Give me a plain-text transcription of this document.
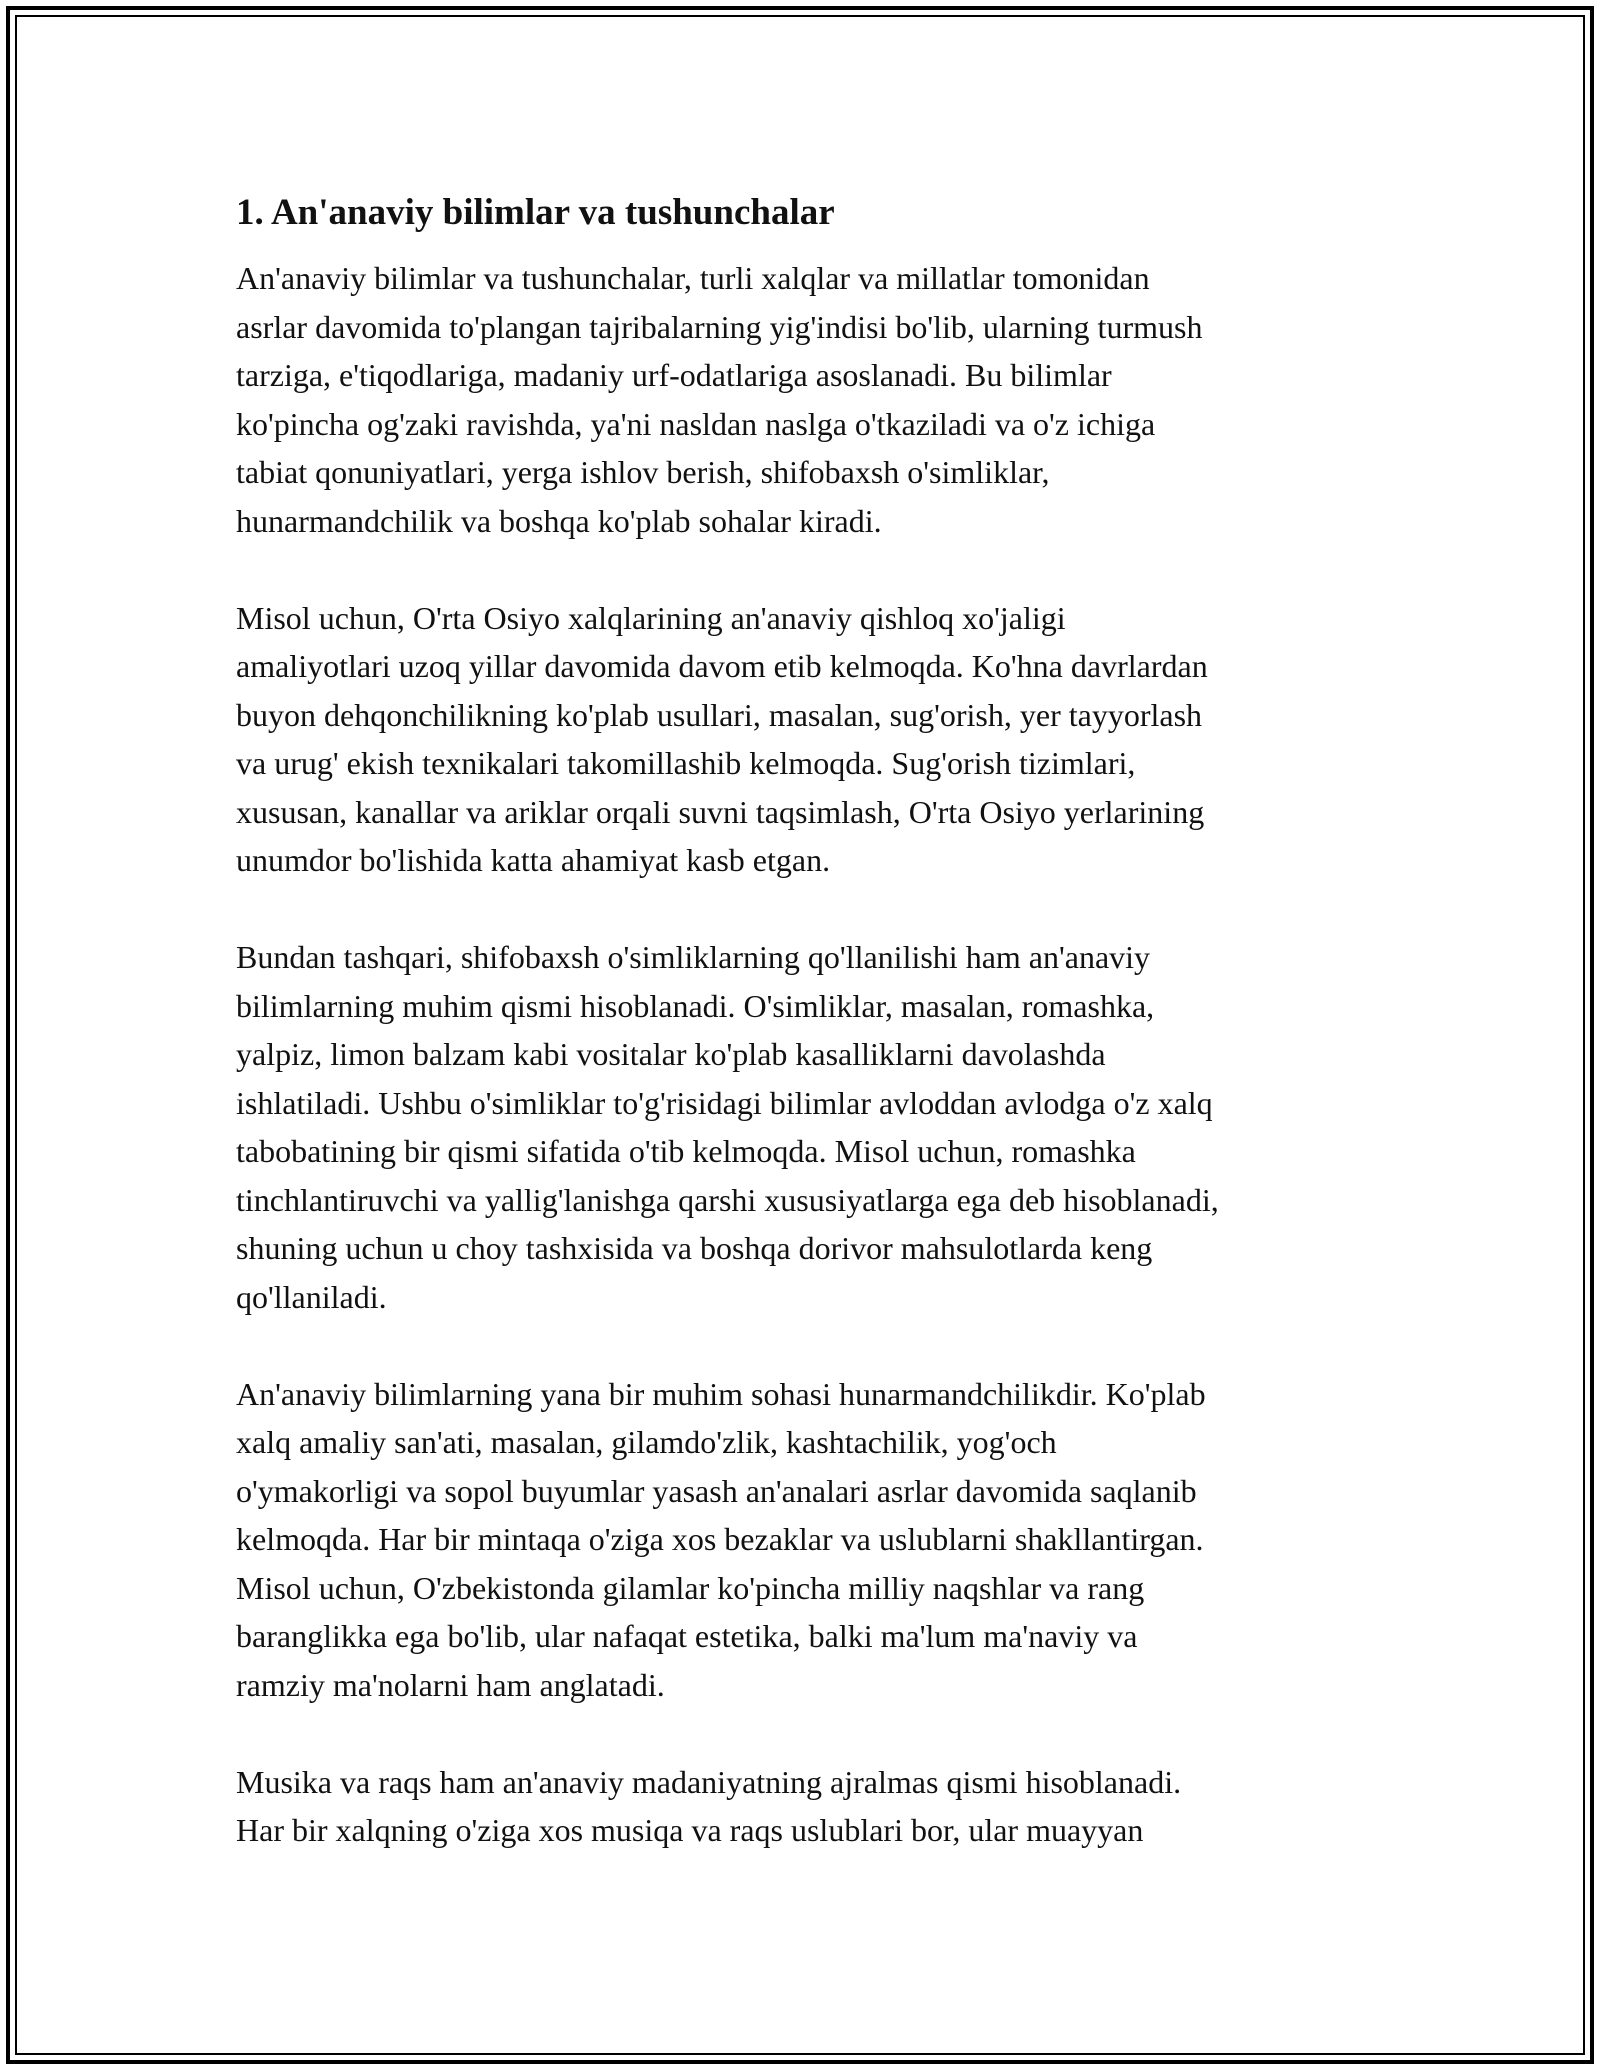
1. An'anaviy bilimlar va tushunchalar

An'anaviy bilimlar va tushunchalar, turli xalqlar va millatlar tomonidan
asrlar davomida to'plangan tajribalarning yig'indisi bo'lib, ularning turmush
tarziga, e'tiqodlariga, madaniy urf-odatlariga asoslanadi. Bu bilimlar
ko'pincha og'zaki ravishda, ya'ni nasldan naslga o'tkaziladi va o'z ichiga
tabiat qonuniyatlari, yerga ishlov berish, shifobaxsh o'simliklar,
hunarmandchilik va boshqa ko'plab sohalar kiradi.

Misol uchun, O'rta Osiyo xalqlarining an'anaviy qishloq xo'jaligi
amaliyotlari uzoq yillar davomida davom etib kelmoqda. Ko'hna davrlardan
buyon dehqonchilikning ko'plab usullari, masalan, sug'orish, yer tayyorlash
va urug' ekish texnikalari takomillashib kelmoqda. Sug'orish tizimlari,
xususan, kanallar va ariklar orqali suvni taqsimlash, O'rta Osiyo yerlarining
unumdor bo'lishida katta ahamiyat kasb etgan.

Bundan tashqari, shifobaxsh o'simliklarning qo'llanilishi ham an'anaviy
bilimlarning muhim qismi hisoblanadi. O'simliklar, masalan, romashka,
yalpiz, limon balzam kabi vositalar ko'plab kasalliklarni davolashda
ishlatiladi. Ushbu o'simliklar to'g'risidagi bilimlar avloddan avlodga o'z xalq
tabobatining bir qismi sifatida o'tib kelmoqda. Misol uchun, romashka
tinchlantiruvchi va yallig'lanishga qarshi xususiyatlarga ega deb hisoblanadi,
shuning uchun u choy tashxisida va boshqa dorivor mahsulotlarda keng
qo'llaniladi.

An'anaviy bilimlarning yana bir muhim sohasi hunarmandchilikdir. Ko'plab
xalq amaliy san'ati, masalan, gilamdo'zlik, kashtachilik, yog'och
o'ymakorligi va sopol buyumlar yasash an'analari asrlar davomida saqlanib
kelmoqda. Har bir mintaqa o'ziga xos bezaklar va uslublarni shakllantirgan.
Misol uchun, O'zbekistonda gilamlar ko'pincha milliy naqshlar va rang
baranglikka ega bo'lib, ular nafaqat estetika, balki ma'lum ma'naviy va
ramziy ma'nolarni ham anglatadi.

Musika va raqs ham an'anaviy madaniyatning ajralmas qismi hisoblanadi.
Har bir xalqning o'ziga xos musiqa va raqs uslublari bor, ular muayyan
